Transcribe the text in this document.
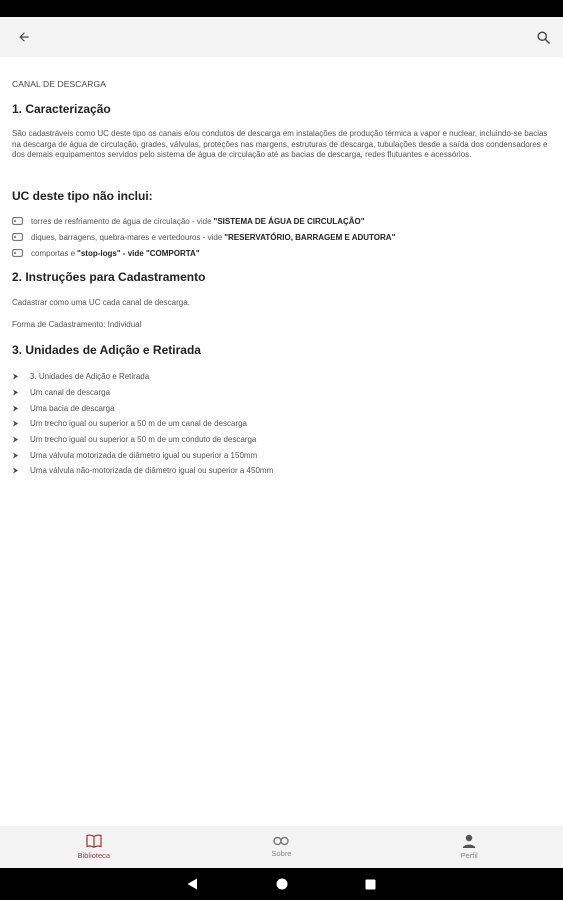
CANAL DE DESCARGA
1. Caracterização
São cadastráveis como UC deste tipo os canais e/ou condutos de descarga em instalações de produção térmica a vapor e nuclear, incluindo-se bacias na descarga de água de circulação, grades, válvulas, proteções nas margens, estruturas de descarga, tubulações desde a saída dos condensadores e dos demais equipamentos servidos pelo sistema de água de circulação até as bacias de descarga, redes flutuantes e acessórios.
UC deste tipo não inclui:
torres de resfriamento de água de circulação - vide "SISTEMA DE ÁGUA DE CIRCULAÇÃO"
diques, barragens, quebra-mares e vertedouros - vide "RESERVATÓRIO, BARRAGEM E ADUTORA"
comportas e "stop-logs" - vide "COMPORTA"
2. Instruções para Cadastramento
Cadastrar como uma UC cada canal de descarga.
Forma de Cadastramento: Individual
3. Unidades de Adição e Retirada
3. Unidades de Adição e Retirada
Um canal de descarga
Uma bacia de descarga
Um trecho igual ou superior a 50 m de um canal de descarga
Um trecho igual ou superior a 50 m de um conduto de descarga
Uma válvula motorizada de diâmetro igual ou superior a 150mm
Uma válvula não-motorizada de diâmetro igual ou superior a 450mm
Biblioteca	Sobre	Perfil
